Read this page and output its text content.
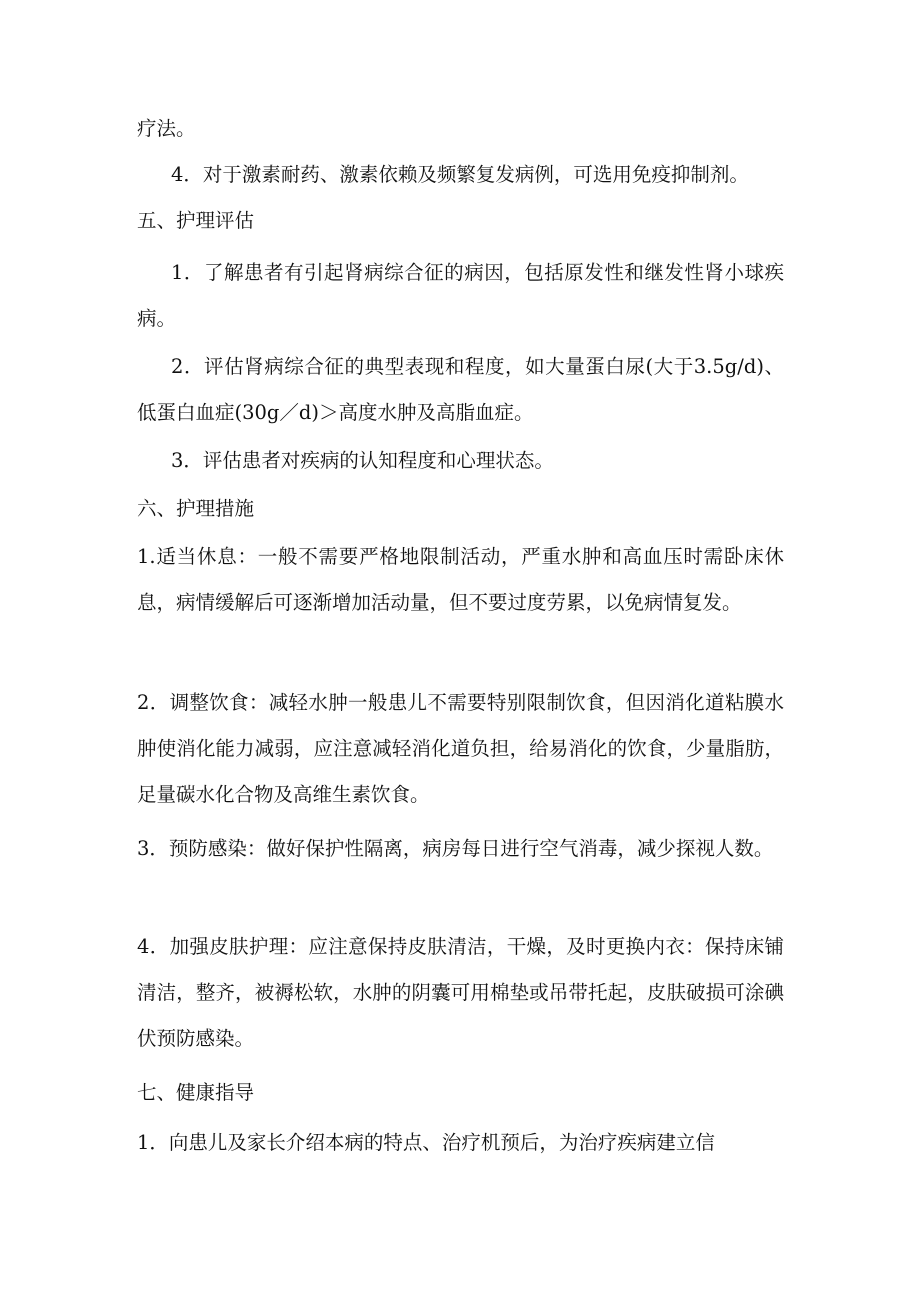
疗法。
4．对于激素耐药、激素依赖及频繁复发病例，可选用免疫抑制剂。
五、护理评估
1．了解患者有引起肾病综合征的病因，包括原发性和继发性肾小球疾病。
2．评估肾病综合征的典型表现和程度，如大量蛋白尿(大于3.5g/d)、低蛋白血症(30g／d)＞高度水肿及高脂血症。
3．评估患者对疾病的认知程度和心理状态。
六、护理措施
1.适当休息：一般不需要严格地限制活动，严重水肿和高血压时需卧床休息，病情缓解后可逐渐增加活动量，但不要过度劳累，以免病情复发。
2．调整饮食：减轻水肿一般患儿不需要特别限制饮食，但因消化道粘膜水肿使消化能力减弱，应注意减轻消化道负担，给易消化的饮食，少量脂肪，足量碳水化合物及高维生素饮食。
3．预防感染：做好保护性隔离，病房每日进行空气消毒，减少探视人数。
4．加强皮肤护理：应注意保持皮肤清洁，干燥，及时更换内衣：保持床铺清洁，整齐，被褥松软，水肿的阴囊可用棉垫或吊带托起，皮肤破损可涂碘伏预防感染。
七、健康指导
1．向患儿及家长介绍本病的特点、治疗机预后，为治疗疾病建立信
